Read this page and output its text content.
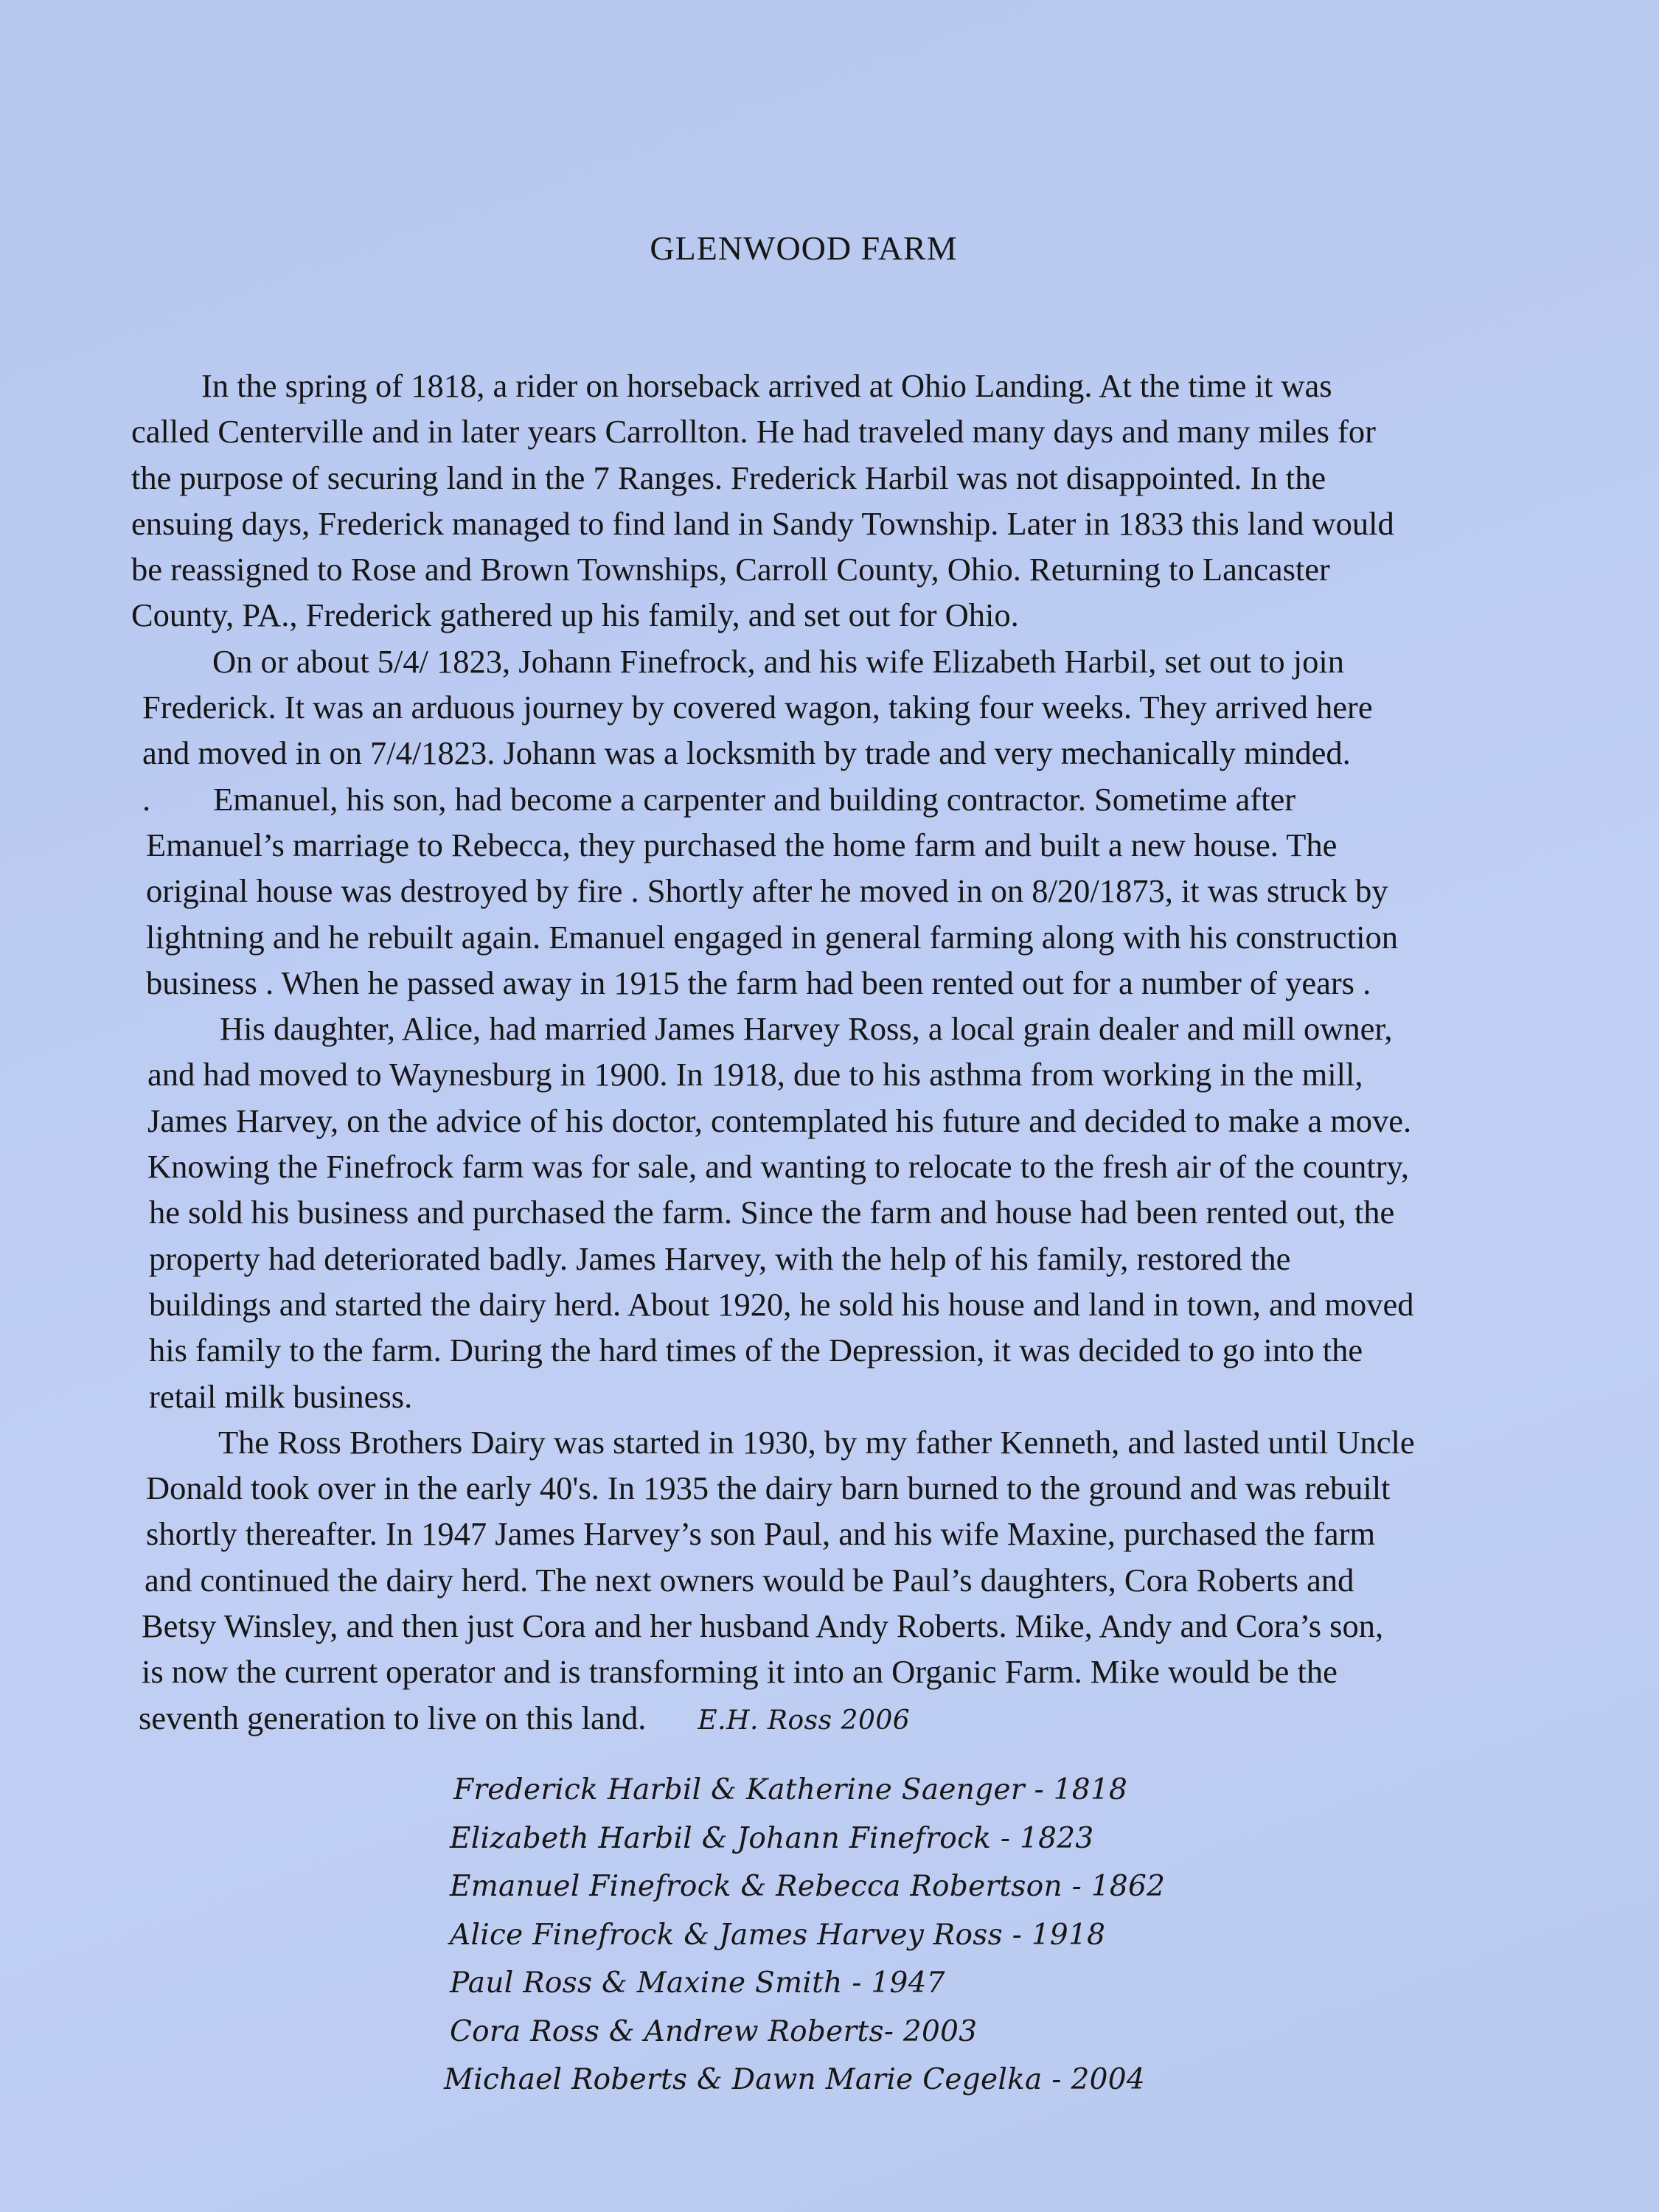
GLENWOOD FARM

In the spring of 1818, a rider on horseback arrived at Ohio Landing. At the time it was
called Centerville and in later years Carrollton. He had traveled many days and many miles for
the purpose of securing land in the 7 Ranges. Frederick Harbil was not disappointed. In the
ensuing days, Frederick managed to find land in Sandy Township. Later in 1833 this land would
be reassigned to Rose and Brown Townships, Carroll County, Ohio. Returning to Lancaster
County, PA., Frederick gathered up his family, and set out for Ohio.

On or about 5/4/ 1823, Johann Finefrock, and his wife Elizabeth Harbil, set out to join
Frederick. It was an arduous journey by covered wagon, taking four weeks. They arrived here
and moved in on 7/4/1823. Johann was a locksmith by trade and very mechanically minded.

. Emanuel, his son, had become a carpenter and building contractor. Sometime after
Emanuel’s marriage to Rebecca, they purchased the home farm and built a new house. The
original house was destroyed by fire . Shortly after he moved in on 8/20/1873, it was struck by
lightning and he rebuilt again. Emanuel engaged in general farming along with his construction
business . When he passed away in 1915 the farm had been rented out for a number of years .

His daughter, Alice, had married James Harvey Ross, a local grain dealer and mill owner,
and had moved to Waynesburg in 1900. In 1918, due to his asthma from working in the mill,
James Harvey, on the advice of his doctor, contemplated his future and decided to make a move.
Knowing the Finefrock farm was for sale, and wanting to relocate to the fresh air of the country,
he sold his business and purchased the farm. Since the farm and house had been rented out, the
property had deteriorated badly. James Harvey, with the help of his family, restored the
buildings and started the dairy herd. About 1920, he sold his house and land in town, and moved
his family to the farm. During the hard times of the Depression, it was decided to go into the
retail milk business.

The Ross Brothers Dairy was started in 1930, by my father Kenneth, and lasted until Uncle
Donald took over in the early 40's. In 1935 the dairy barn burned to the ground and was rebuilt
shortly thereafter. In 1947 James Harvey’s son Paul, and his wife Maxine, purchased the farm
and continued the dairy herd. The next owners would be Paul’s daughters, Cora Roberts and
Betsy Winsley, and then just Cora and her husband Andy Roberts. Mike, Andy and Cora’s son,
is now the current operator and is transforming it into an Organic Farm. Mike would be the
seventh generation to live on this land. E.H. Ross 2006

Frederick Harbil & Katherine Saenger - 1818
Elizabeth Harbil & Johann Finefrock - 1823
Emanuel Finefrock & Rebecca Robertson - 1862
Alice Finefrock & James Harvey Ross - 1918
Paul Ross & Maxine Smith - 1947
Cora Ross & Andrew Roberts- 2003
Michael Roberts & Dawn Marie Cegelka - 2004
